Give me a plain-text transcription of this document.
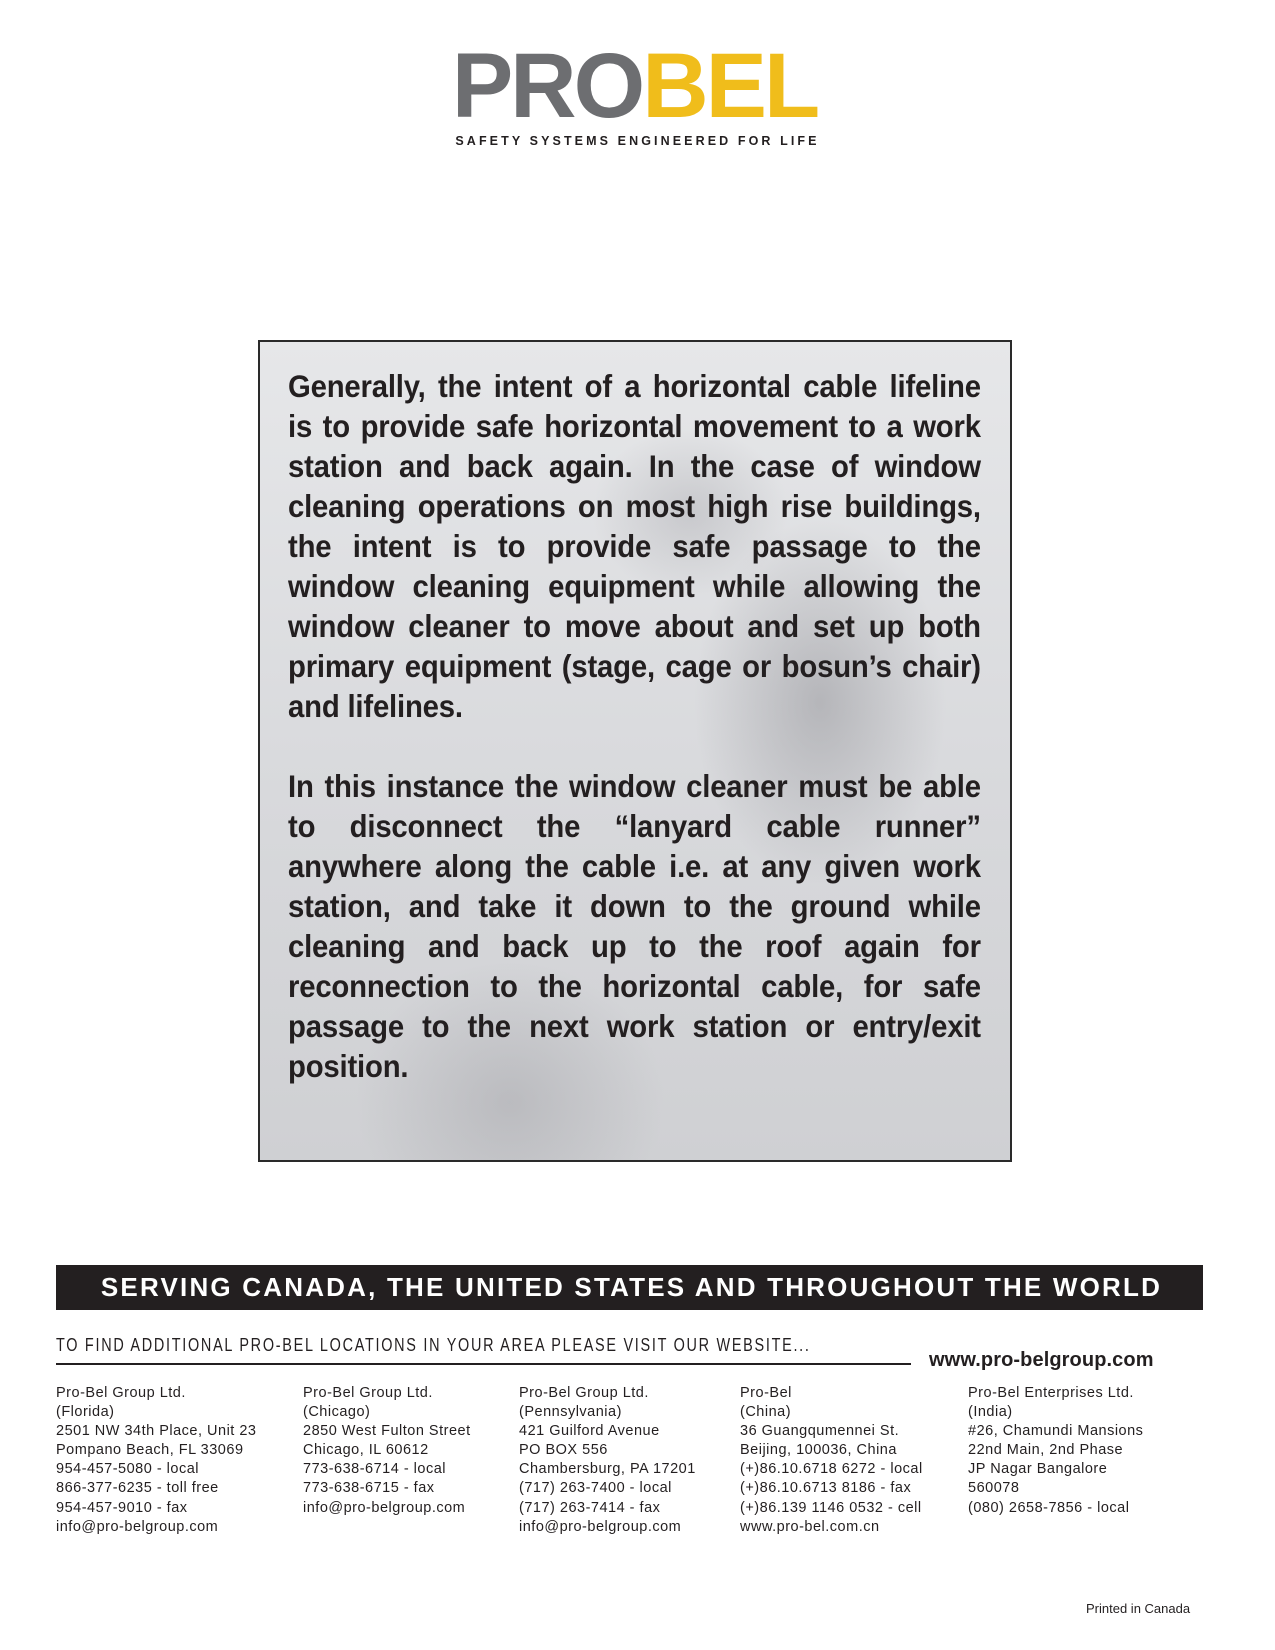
PROBEL
SAFETY SYSTEMS ENGINEERED FOR LIFE

Generally, the intent of a horizontal cable lifeline is to provide safe horizontal movement to a work station and back again. In the case of window cleaning operations on most high rise buildings, the intent is to provide safe passage to the window cleaning equipment while allowing the window cleaner to move about and set up both primary equipment (stage, cage or bosun’s chair) and lifelines.

In this instance the window cleaner must be able to disconnect the “lanyard cable runner” anywhere along the cable i.e. at any given work station, and take it down to the ground while cleaning and back up to the roof again for reconnection to the horizontal cable, for safe passage to the next work station or entry/exit position.

SERVING CANADA, THE UNITED STATES AND THROUGHOUT THE WORLD
TO FIND ADDITIONAL PRO-BEL LOCATIONS IN YOUR AREA PLEASE VISIT OUR WEBSITE...
www.pro-belgroup.com
Pro-Bel Group Ltd.
(Florida)
2501 NW 34th Place, Unit 23
Pompano Beach, FL 33069
954-457-5080 - local
866-377-6235 - toll free
954-457-9010 - fax
info@pro-belgroup.com
Pro-Bel Group Ltd.
(Chicago)
2850 West Fulton Street
Chicago, IL 60612
773-638-6714 - local
773-638-6715 - fax
info@pro-belgroup.com
Pro-Bel Group Ltd.
(Pennsylvania)
421 Guilford Avenue
PO BOX 556
Chambersburg, PA 17201
(717) 263-7400 - local
(717) 263-7414 - fax
info@pro-belgroup.com
Pro-Bel
(China)
36 Guangqumennei St.
Beijing, 100036, China
(+)86.10.6718 6272 - local
(+)86.10.6713 8186 - fax
(+)86.139 1146 0532 - cell
www.pro-bel.com.cn
Pro-Bel Enterprises Ltd.
(India)
#26, Chamundi Mansions
22nd Main, 2nd Phase
JP Nagar Bangalore
560078
(080) 2658-7856 - local
Printed in Canada
